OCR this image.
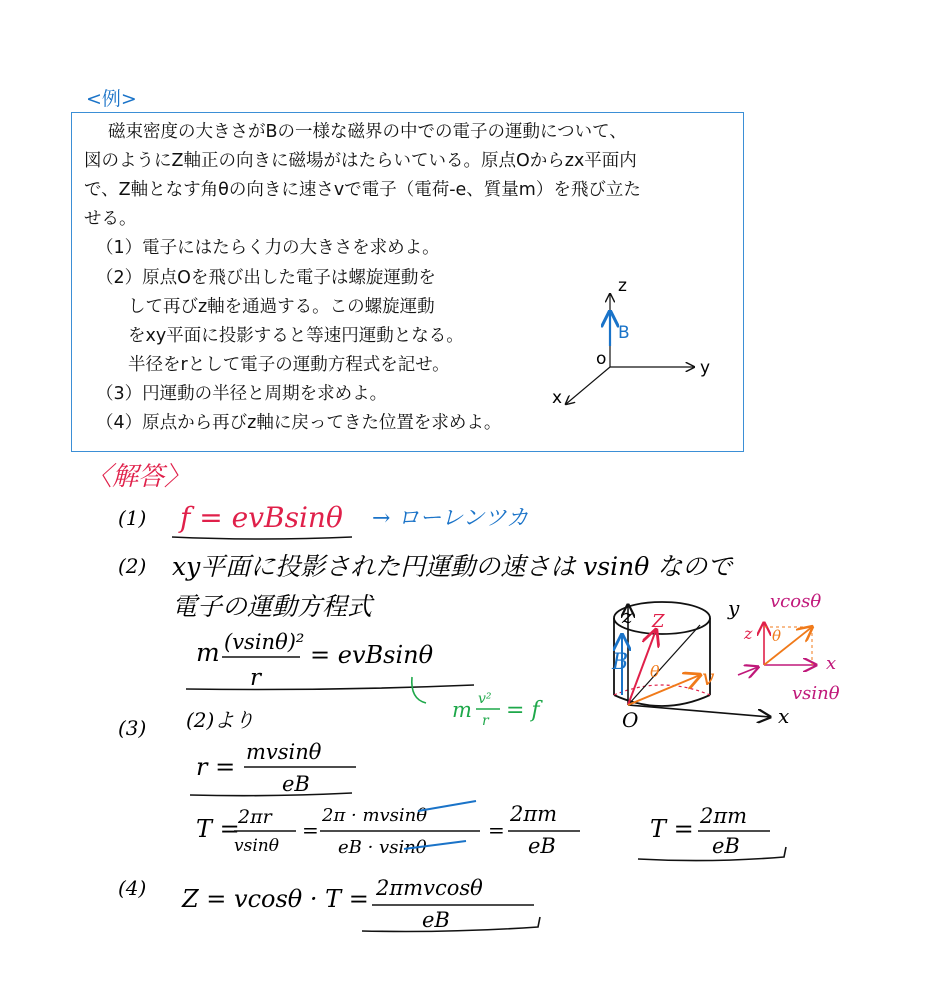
<例>
磁束密度の大きさがBの一様な磁界の中での電子の運動について、
図のようにZ軸正の向きに磁場がはたらいている。原点Oからzx平面内
で、Z軸となす角θの向きに速さvで電子（電荷-e、質量m）を飛び立た
せる。
（1）電子にはたらく力の大きさを求めよ。
（2）原点Oを飛び出した電子は螺旋運動を
して再びz軸を通過する。この螺旋運動
をxy平面に投影すると等速円運動となる。
半径をrとして電子の運動方程式を記せ。
（3）円運動の半径と周期を求めよ。
（4）原点から再びz軸に戻ってきた位置を求めよ。
z
B
o	y
x
〈解答〉
(1) f = evBsinθ → ローレンツカ
(2) xy平面に投影された円運動の速さは vsinθ なので
電子の運動方程式
m (vsinθ)²
r
= evBsinθ
m v²
r = f
(3) (2)より
r =
mvsinθ
eB
T =
2πr
vsinθ
=
2π · mvsinθ
eB · vsinθ
=
2πm
eB
T = 2πm
eB
(4) Z = vcosθ · T = 2πmvcosθ
eB
z Z
y
B θ v
O	x
vcosθ
z θ
x
vsinθ
